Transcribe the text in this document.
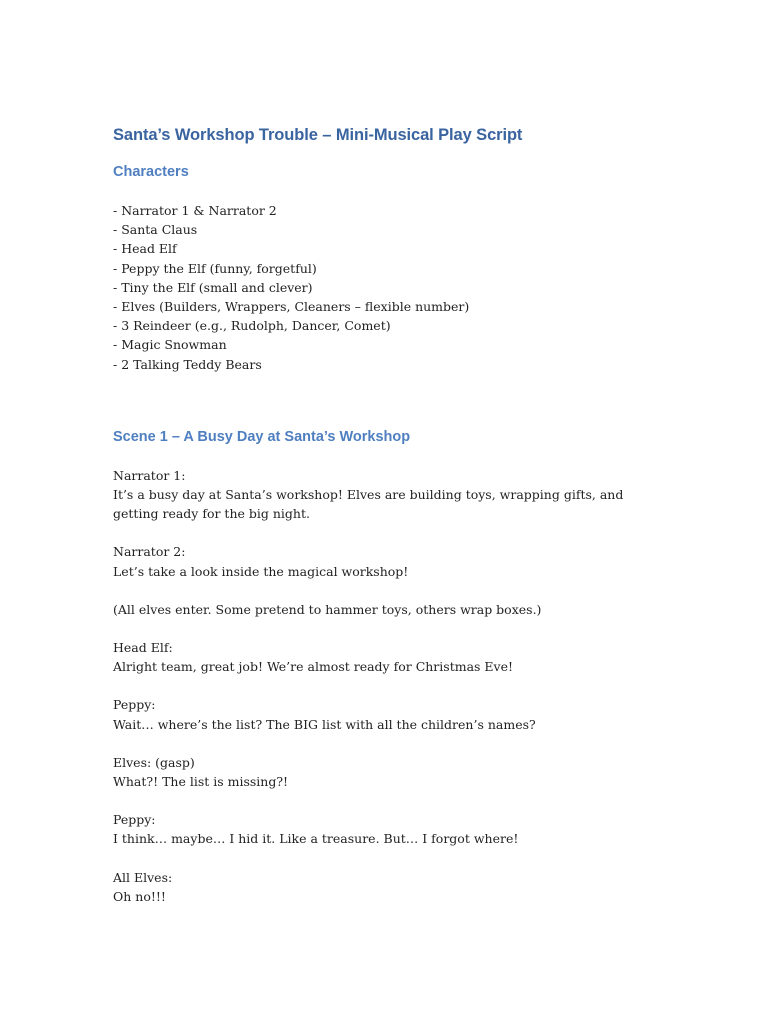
Santa’s Workshop Trouble – Mini-Musical Play Script
Characters
- Narrator 1 & Narrator 2
- Santa Claus
- Head Elf
- Peppy the Elf (funny, forgetful)
- Tiny the Elf (small and clever)
- Elves (Builders, Wrappers, Cleaners – flexible number)
- 3 Reindeer (e.g., Rudolph, Dancer, Comet)
- Magic Snowman
- 2 Talking Teddy Bears
Scene 1 – A Busy Day at Santa’s Workshop

Narrator 1:

It’s a busy day at Santa’s workshop! Elves are building toys, wrapping gifts, and getting ready for the big night.

Narrator 2:

Let’s take a look inside the magical workshop!

(All elves enter. Some pretend to hammer toys, others wrap boxes.)

Head Elf:

Alright team, great job! We’re almost ready for Christmas Eve!

Peppy:

Wait… where’s the list? The BIG list with all the children’s names?

Elves: (gasp)

What?! The list is missing?!

Peppy:

I think… maybe… I hid it. Like a treasure. But… I forgot where!

All Elves:

Oh no!!!
